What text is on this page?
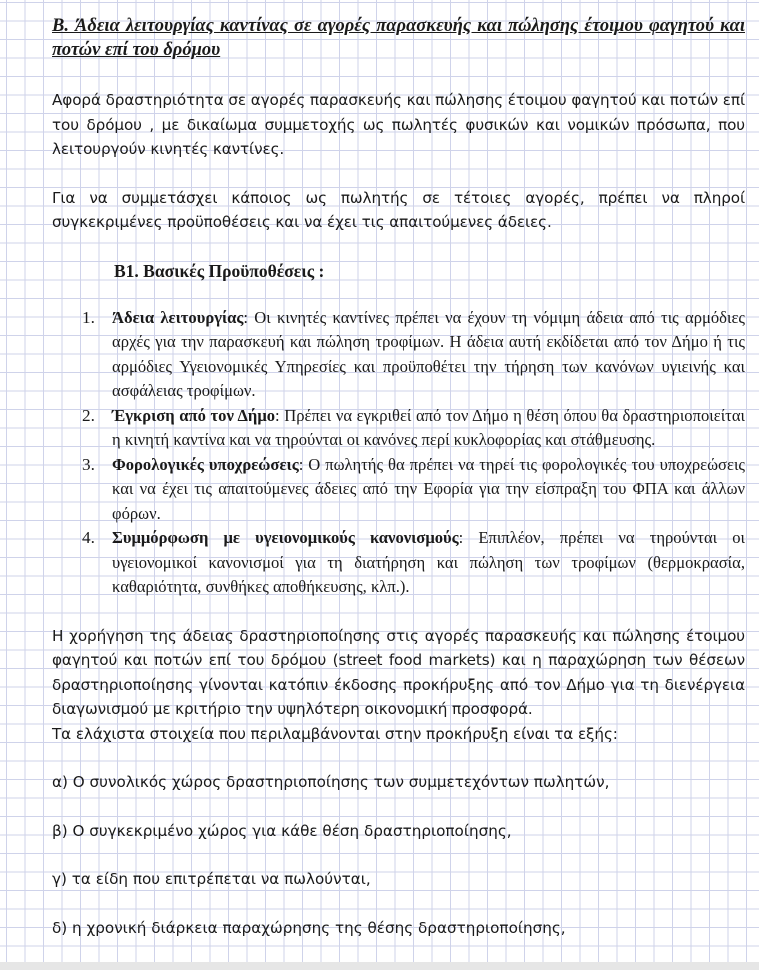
B. Άδεια λειτουργίας καντίνας σε αγορές παρασκευής και πώλησης έτοιμου φαγητού και ποτών επί του δρόμου

Αφορά δραστηριότητα σε αγορές παρασκευής και πώλησης έτοιμου φαγητού και ποτών επί του δρόμου , με δικαίωμα συμμετοχής ως πωλητές φυσικών και νομικών πρόσωπα, που λειτουργούν κινητές καντίνες.

Για να συμμετάσχει κάποιος ως πωλητής σε τέτοιες αγορές, πρέπει να πληροί συγκεκριμένες προϋποθέσεις και να έχει τις απαιτούμενες άδειες.

B1. Βασικές Προϋποθέσεις :
1. Άδεια λειτουργίας: Οι κινητές καντίνες πρέπει να έχουν τη νόμιμη άδεια από τις αρμόδιες αρχές για την παρασκευή και πώληση τροφίμων. Η άδεια αυτή εκδίδεται από τον Δήμο ή τις αρμόδιες Υγειονομικές Υπηρεσίες και προϋποθέτει την τήρηση των κανόνων υγιεινής και ασφάλειας τροφίμων.
2. Έγκριση από τον Δήμο: Πρέπει να εγκριθεί από τον Δήμο η θέση όπου θα δραστηριοποιείται η κινητή καντίνα και να τηρούνται οι κανόνες περί κυκλοφορίας και στάθμευσης.
3. Φορολογικές υποχρεώσεις: Ο πωλητής θα πρέπει να τηρεί τις φορολογικές του υποχρεώσεις και να έχει τις απαιτούμενες άδειες από την Εφορία για την είσπραξη του ΦΠΑ και άλλων φόρων.
4. Συμμόρφωση με υγειονομικούς κανονισμούς: Επιπλέον, πρέπει να τηρούνται οι υγειονομικοί κανονισμοί για τη διατήρηση και πώληση των τροφίμων (θερμοκρασία, καθαριότητα, συνθήκες αποθήκευσης, κλπ.).

Η χορήγηση της άδειας δραστηριοποίησης στις αγορές παρασκευής και πώλησης έτοιμου φαγητού και ποτών επί του δρόμου (street food markets) και η παραχώρηση των θέσεων δραστηριοποίησης γίνονται κατόπιν έκδοσης προκήρυξης από τον Δήμο για τη διενέργεια διαγωνισμού με κριτήριο την υψηλότερη οικονομική προσφορά.

Τα ελάχιστα στοιχεία που περιλαμβάνονται στην προκήρυξη είναι τα εξής:

α) Ο συνολικός χώρος δραστηριοποίησης των συμμετεχόντων πωλητών,

β) Ο συγκεκριμένο χώρος για κάθε θέση δραστηριοποίησης,

γ) τα είδη που επιτρέπεται να πωλούνται,

δ) η χρονική διάρκεια παραχώρησης της θέσης δραστηριοποίησης,
